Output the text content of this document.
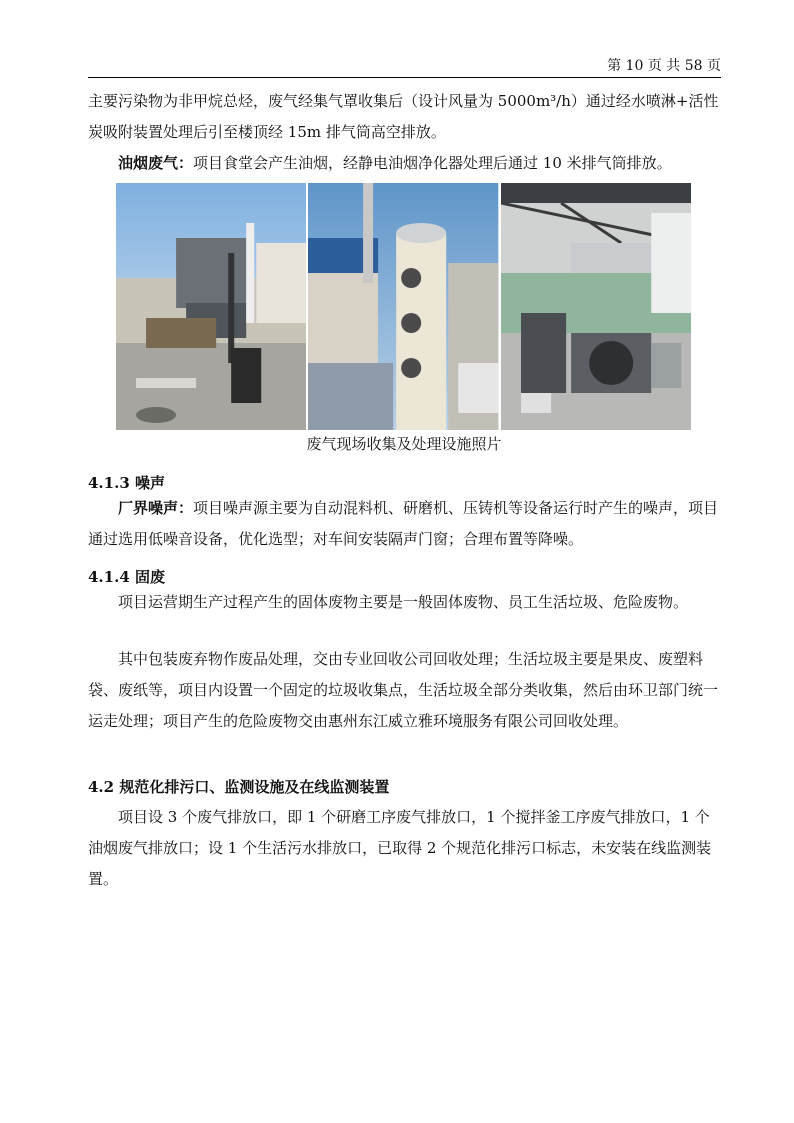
第 10 页 共 58 页

主要污染物为非甲烷总烃，废气经集气罩收集后（设计风量为 5000m³/h）通过经水喷淋+活性炭吸附装置处理后引至楼顶经 15m 排气筒高空排放。

油烟废气：项目食堂会产生油烟，经静电油烟净化器处理后通过 10 米排气筒排放。

废气现场收集及处理设施照片
4.1.3 噪声

厂界噪声：项目噪声源主要为自动混料机、研磨机、压铸机等设备运行时产生的噪声，项目通过选用低噪音设备，优化选型；对车间安装隔声门窗；合理布置等降噪。

4.1.4 固废

项目运营期生产过程产生的固体废物主要是一般固体废物、员工生活垃圾、危险废物。

其中包装废弃物作废品处理，交由专业回收公司回收处理；生活垃圾主要是果皮、废塑料袋、废纸等，项目内设置一个固定的垃圾收集点，生活垃圾全部分类收集，然后由环卫部门统一运走处理；项目产生的危险废物交由惠州东江威立雅环境服务有限公司回收处理。

4.2 规范化排污口、监测设施及在线监测装置

项目设 3 个废气排放口，即 1 个研磨工序废气排放口，1 个搅拌釜工序废气排放口，1 个油烟废气排放口；设 1 个生活污水排放口，已取得 2 个规范化排污口标志，未安装在线监测装置。
